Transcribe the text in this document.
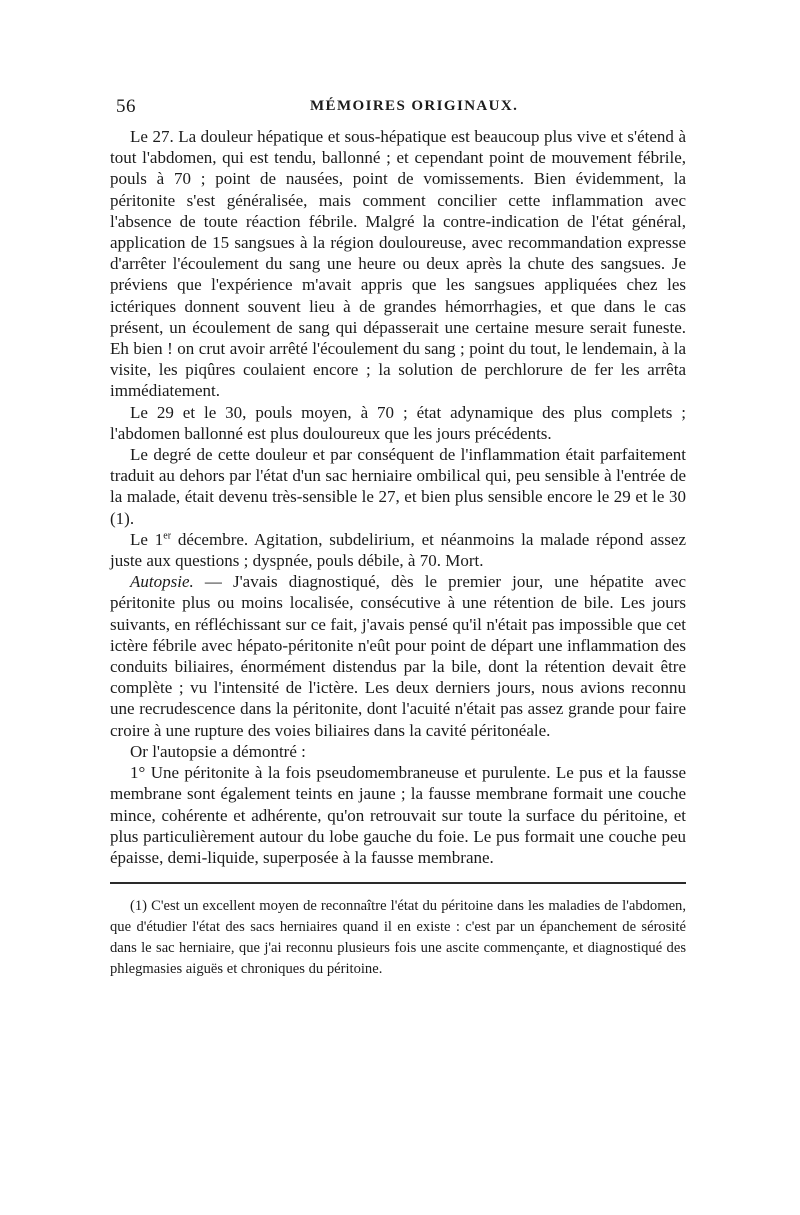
56	MÉMOIRES ORIGINAUX.

Le 27. La douleur hépatique et sous-hépatique est beaucoup plus vive et s'étend à tout l'abdomen, qui est tendu, ballonné ; et cependant point de mouvement fébrile, pouls à 70 ; point de nausées, point de vomissements. Bien évidemment, la péritonite s'est généralisée, mais comment concilier cette inflammation avec l'absence de toute réaction fébrile. Malgré la contre-indication de l'état général, application de 15 sangsues à la région douloureuse, avec recommandation expresse d'arrêter l'écoulement du sang une heure ou deux après la chute des sangsues. Je préviens que l'expérience m'avait appris que les sangsues appliquées chez les ictériques donnent souvent lieu à de grandes hémorrhagies, et que dans le cas présent, un écoulement de sang qui dépasserait une certaine mesure serait funeste. Eh bien ! on crut avoir arrêté l'écoulement du sang ; point du tout, le lendemain, à la visite, les piqûres coulaient encore ; la solution de perchlorure de fer les arrêta immédiatement.

Le 29 et le 30, pouls moyen, à 70 ; état adynamique des plus complets ; l'abdomen ballonné est plus douloureux que les jours précédents.

Le degré de cette douleur et par conséquent de l'inflammation était parfaitement traduit au dehors par l'état d'un sac herniaire ombilical qui, peu sensible à l'entrée de la malade, était devenu très-sensible le 27, et bien plus sensible encore le 29 et le 30 (1).

Le 1er décembre. Agitation, subdelirium, et néanmoins la malade répond assez juste aux questions ; dyspnée, pouls débile, à 70. Mort.

Autopsie. — J'avais diagnostiqué, dès le premier jour, une hépatite avec péritonite plus ou moins localisée, consécutive à une rétention de bile. Les jours suivants, en réfléchissant sur ce fait, j'avais pensé qu'il n'était pas impossible que cet ictère fébrile avec hépato-péritonite n'eût pour point de départ une inflammation des conduits biliaires, énormément distendus par la bile, dont la rétention devait être complète ; vu l'intensité de l'ictère. Les deux derniers jours, nous avions reconnu une recrudescence dans la péritonite, dont l'acuité n'était pas assez grande pour faire croire à une rupture des voies biliaires dans la cavité péritonéale.

Or l'autopsie a démontré :

1° Une péritonite à la fois pseudomembraneuse et purulente. Le pus et la fausse membrane sont également teints en jaune ; la fausse membrane formait une couche mince, cohérente et adhérente, qu'on retrouvait sur toute la surface du péritoine, et plus particulièrement autour du lobe gauche du foie. Le pus formait une couche peu épaisse, demi-liquide, superposée à la fausse membrane.

(1) C'est un excellent moyen de reconnaître l'état du péritoine dans les maladies de l'abdomen, que d'étudier l'état des sacs herniaires quand il en existe : c'est par un épanchement de sérosité dans le sac herniaire, que j'ai reconnu plusieurs fois une ascite commençante, et diagnostiqué des phlegmasies aiguës et chroniques du péritoine.
